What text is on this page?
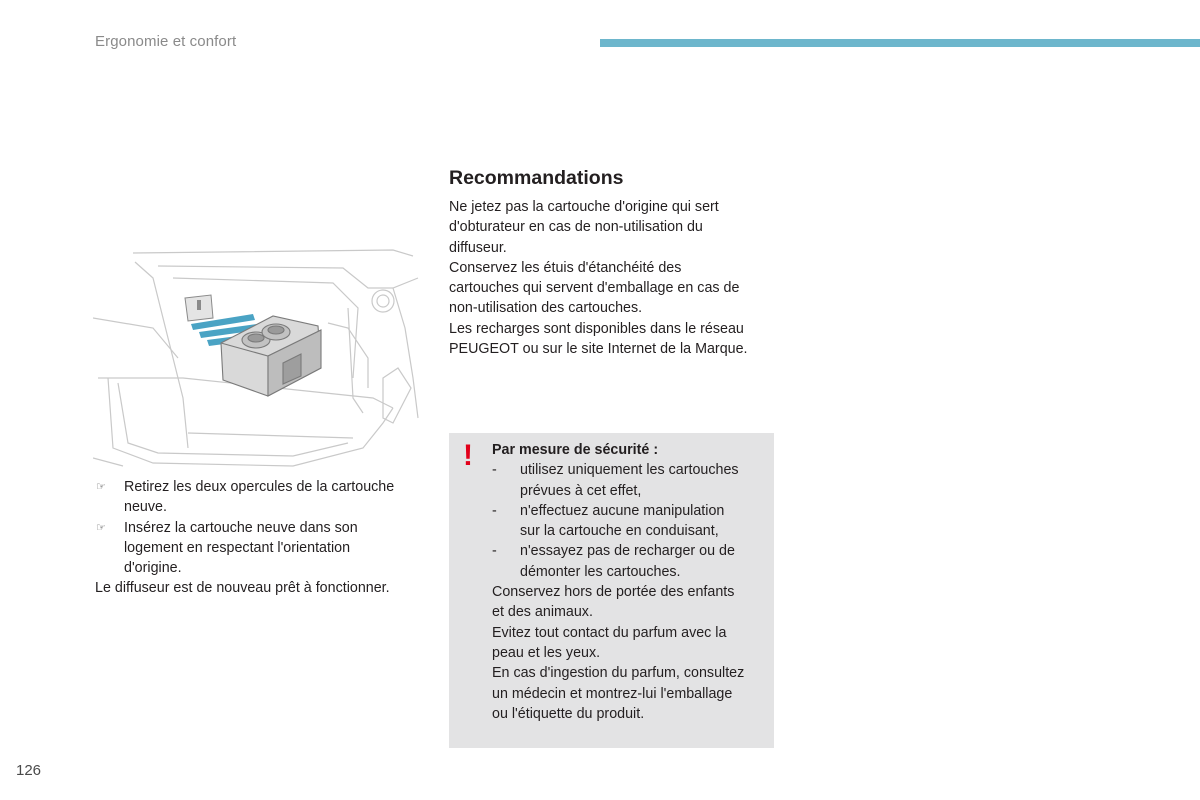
Ergonomie et confort
☞	Retirez les deux opercules de la cartouche
neuve.
☞	Insérez la cartouche neuve dans son
logement en respectant l'orientation
d'origine.
Le diffuseur est de nouveau prêt à fonctionner.
Recommandations

Ne jetez pas la cartouche d'origine qui sert

d'obturateur en cas de non-utilisation du

diffuseur.

Conservez les étuis d'étanchéité des

cartouches qui servent d'emballage en cas de

non-utilisation des cartouches.

Les recharges sont disponibles dans le réseau

PEUGEOT ou sur le site Internet de la Marque.

! Par mesure de sécurité :
-	utilisez uniquement les cartouches
prévues à cet effet,
-	n'effectuez aucune manipulation
sur la cartouche en conduisant,
-	n'essayez pas de recharger ou de
démonter les cartouches.

Conservez hors de portée des enfants

et des animaux.

Evitez tout contact du parfum avec la

peau et les yeux.

En cas d'ingestion du parfum, consultez

un médecin et montrez-lui l'emballage

ou l'étiquette du produit.

126
